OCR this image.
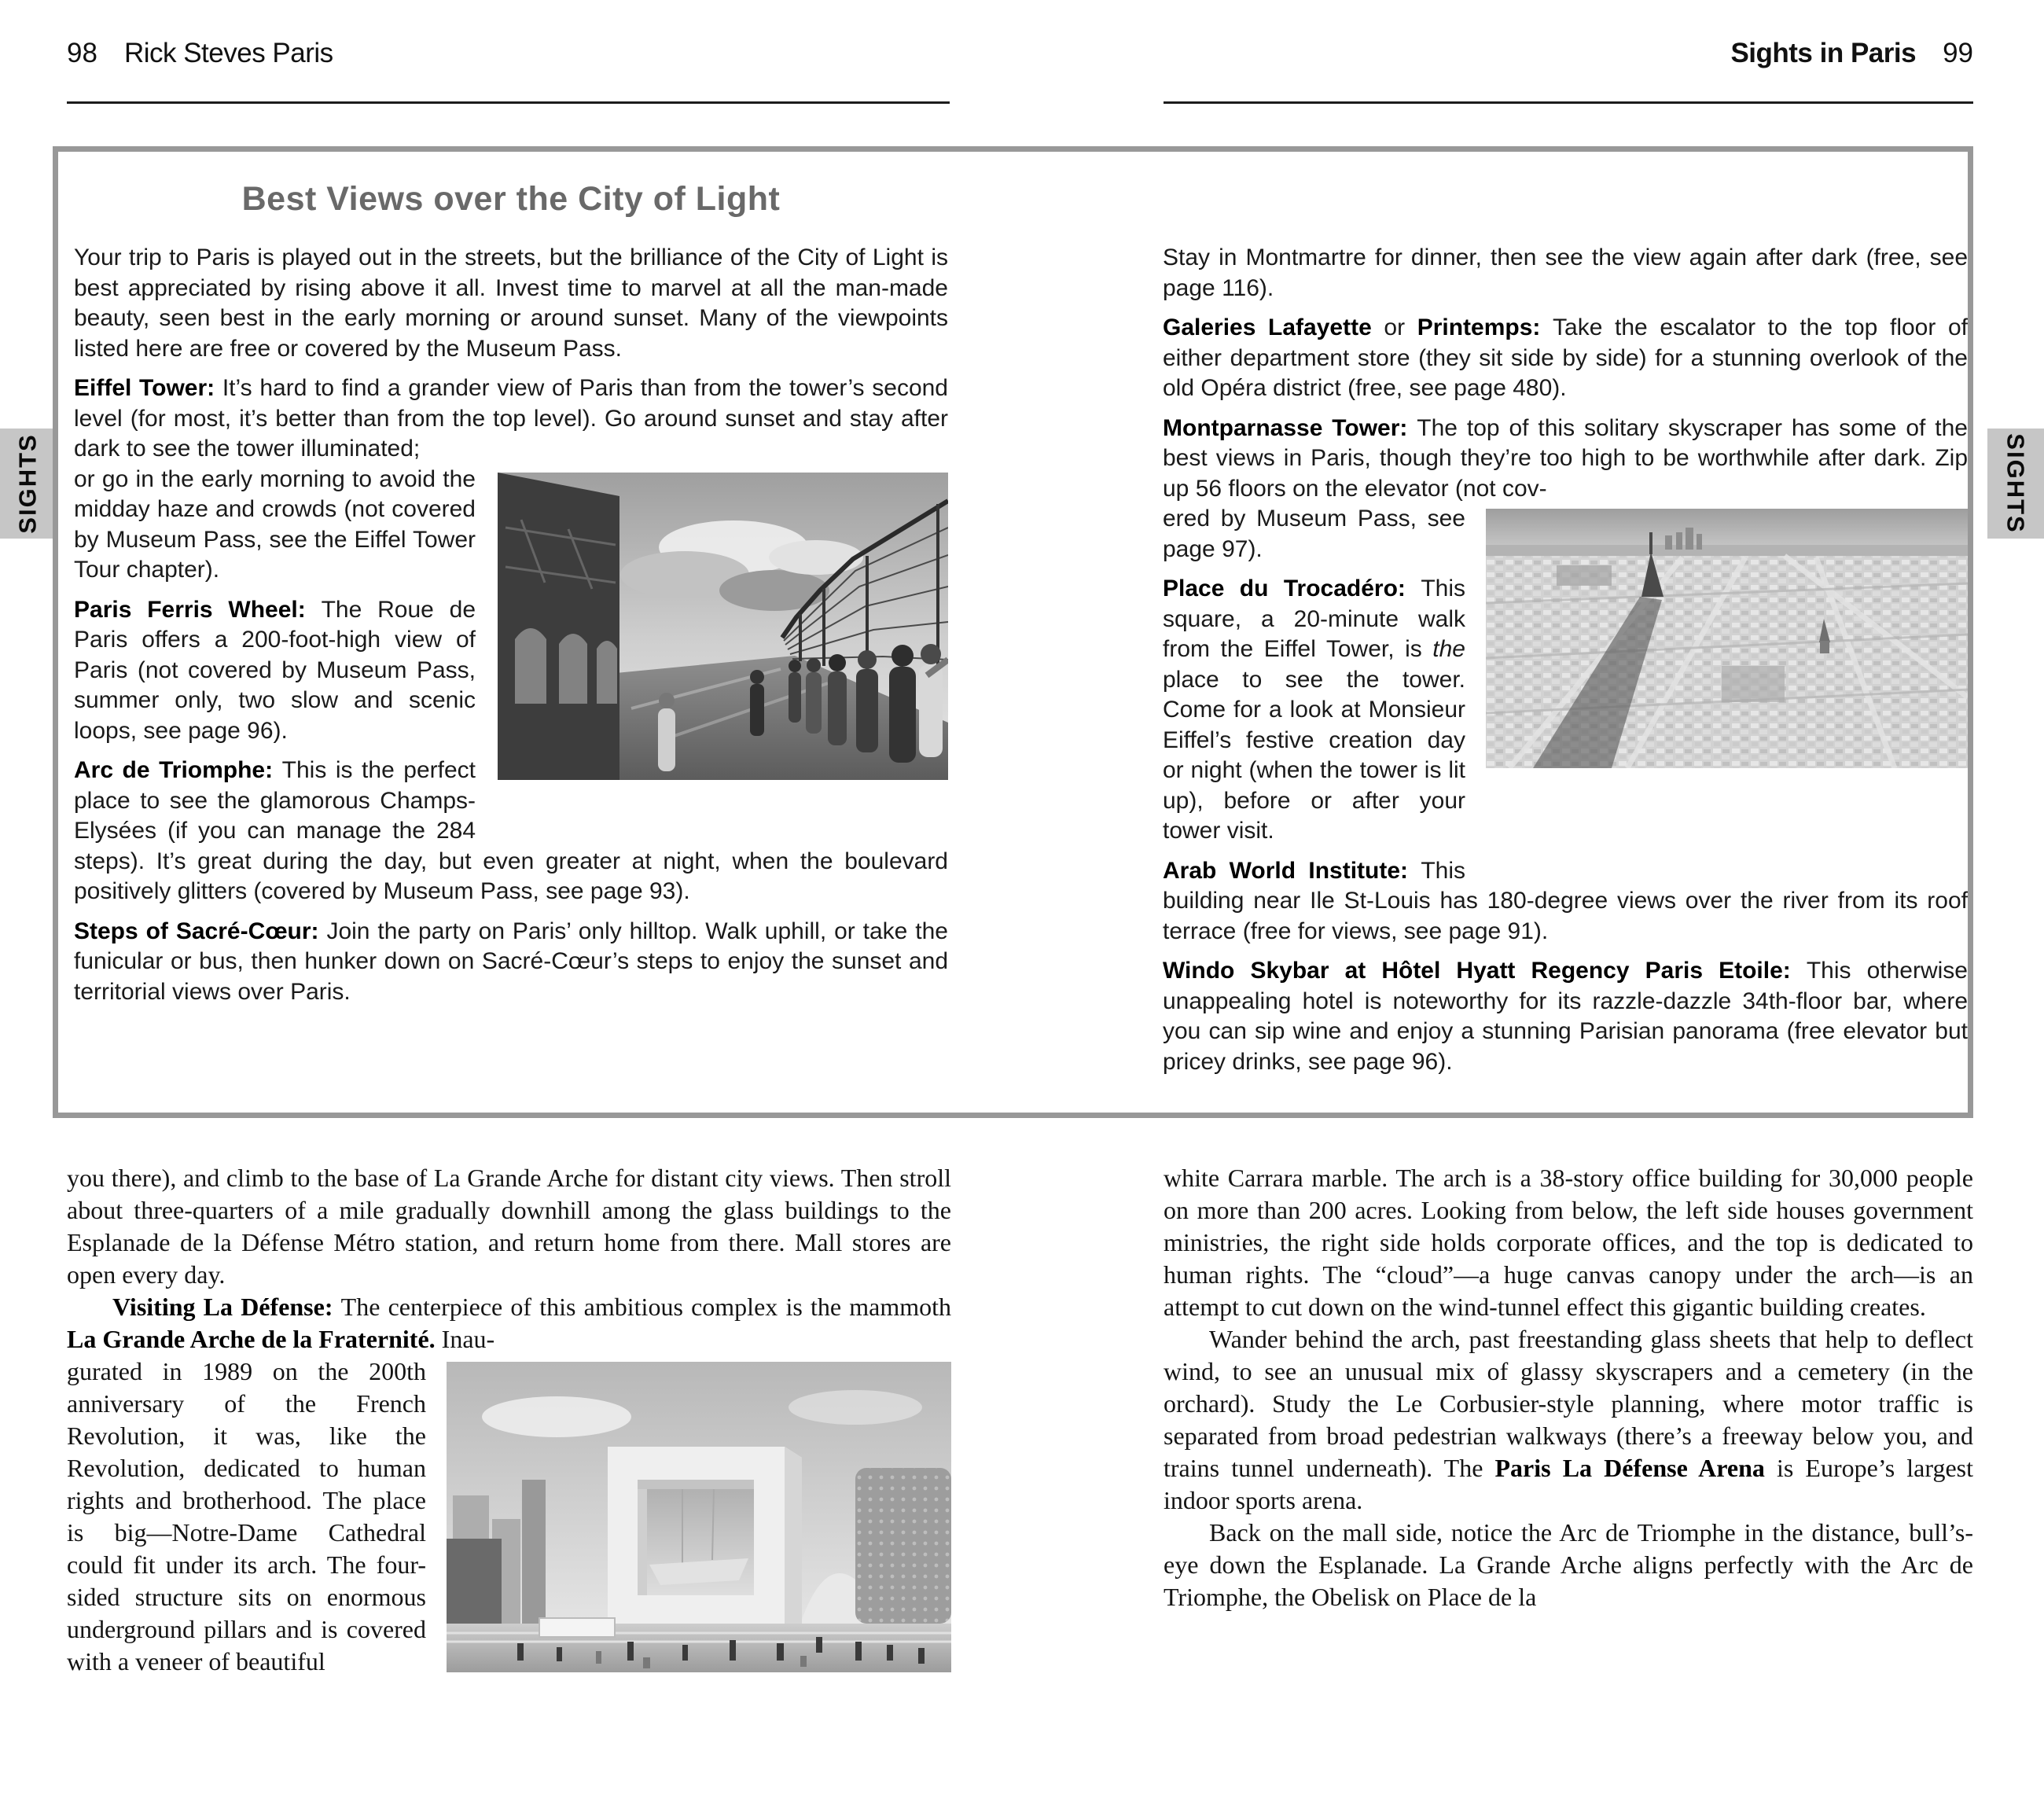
SIGHTS	SIGHTS
98 Rick Steves Paris	Sights in Paris 99
Best Views over the City of Light

Your trip to Paris is played out in the streets, but the brilliance of the City of Light is best appreciated by rising above it all. Invest time to marvel at all the man-made beauty, seen best in the early morning or around sunset. Many of the viewpoints listed here are free or covered by the Museum Pass.

Eiffel Tower: It’s hard to find a grander view of Paris than from the tower’s second level (for most, it’s better than from the top level). Go around sunset and stay after dark to see the tower illuminated;

or go in the early morning to avoid the midday haze and crowds (not covered by Museum Pass, see the Eiffel Tower Tour chapter).

Paris Ferris Wheel: The Roue de Paris offers a 200-foot-high view of Paris (not covered by Museum Pass, summer only, two slow and scenic loops, see page 96).

Arc de Triomphe: This is the perfect place to see the glamorous Champs-Elysées (if you can manage the 284 steps). It’s great during the day, but even greater at night, when the boulevard positively glitters (covered by Museum Pass, see page 93).

Steps of Sacré-Cœur: Join the party on Paris’ only hilltop. Walk uphill, or take the funicular or bus, then hunker down on Sacré-Cœur’s steps to enjoy the sunset and territorial views over Paris.

Stay in Montmartre for dinner, then see the view again after dark (free, see page 116).

Galeries Lafayette or Printemps: Take the escalator to the top floor of either department store (they sit side by side) for a stunning overlook of the old Opéra district (free, see page 480).

Montparnasse Tower: The top of this solitary skyscraper has some of the best views in Paris, though they’re too high to be worthwhile after dark. Zip up 56 floors on the elevator (not cov-

ered by Museum Pass, see page 97).

Place du Trocadéro: This square, a 20-minute walk from the Eiffel Tower, is the place to see the tower. Come for a look at Monsieur Eiffel’s festive creation day or night (when the tower is lit up), before or after your tower visit.

Arab World Institute: This building near Ile St-Louis has 180-degree views over the river from its roof terrace (free for views, see page 91).

Windo Skybar at Hôtel Hyatt Regency Paris Etoile: This otherwise unappealing hotel is noteworthy for its razzle-dazzle 34th-floor bar, where you can sip wine and enjoy a stunning Parisian panorama (free elevator but pricey drinks, see page 96).

you there), and climb to the base of La Grande Arche for distant city views. Then stroll about three-quarters of a mile gradually downhill among the glass buildings to the Esplanade de la Défense Métro station, and return home from there. Mall stores are open every day.

Visiting La Défense: The centerpiece of this ambitious complex is the mammoth La Grande Arche de la Fraternité. Inau-

gurated in 1989 on the 200th anniversary of the French Revolution, it was, like the Revolution, dedicated to human rights and brotherhood. The place is big—Notre-Dame Cathedral could fit under its arch. The four-sided structure sits on enormous underground pillars and is covered with a veneer of beautiful

white Carrara marble. The arch is a 38-story office building for 30,000 people on more than 200 acres. Looking from below, the left side houses government ministries, the right side holds corporate offices, and the top is dedicated to human rights. The “cloud”—a huge canvas canopy under the arch—is an attempt to cut down on the wind-tunnel effect this gigantic building creates.

Wander behind the arch, past freestanding glass sheets that help to deflect wind, to see an unusual mix of glassy skyscrapers and a cemetery (in the orchard). Study the Le Corbusier-style planning, where motor traffic is separated from broad pedestrian walkways (there’s a freeway below you, and trains tunnel underneath). The Paris La Défense Arena is Europe’s largest indoor sports arena.

Back on the mall side, notice the Arc de Triomphe in the distance, bull’s-eye down the Esplanade. La Grande Arche aligns perfectly with the Arc de Triomphe, the Obelisk on Place de la
